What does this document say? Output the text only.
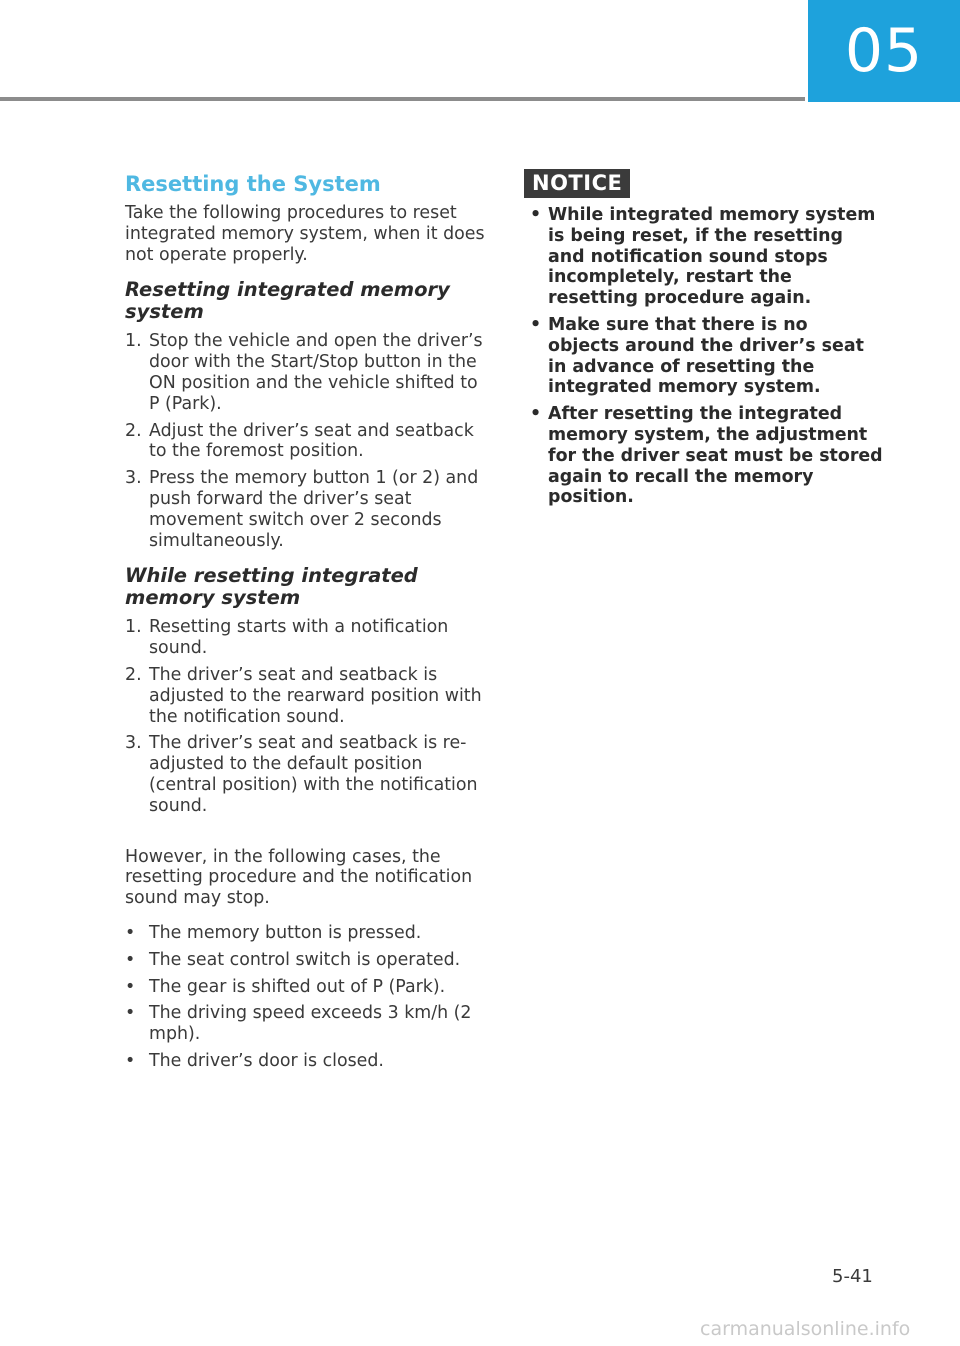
05
Resetting the System

Take the following procedures to reset integrated memory system, when it does not operate properly.

Resetting integrated memory system
1. Stop the vehicle and open the driver’s door with the Start/Stop button in the ON position and the vehicle shifted to P (Park).
2. Adjust the driver’s seat and seatback to the foremost position.
3. Press the memory button 1 (or 2) and push forward the driver’s seat movement switch over 2 seconds simultaneously.
While resetting integrated memory system
1. Resetting starts with a notification sound.
2. The driver’s seat and seatback is adjusted to the rearward position with the notification sound.
3. The driver’s seat and seatback is re-adjusted to the default position (central position) with the notification sound.

However, in the following cases, the resetting procedure and the notification sound may stop.

• The memory button is pressed.
• The seat control switch is operated.
• The gear is shifted out of P (Park).
• The driving speed exceeds 3 km/h (2 mph).
• The driver’s door is closed.
NOTICE
• While integrated memory system is being reset, if the resetting and notification sound stops incompletely, restart the resetting procedure again.
• Make sure that there is no objects around the driver’s seat in advance of resetting the integrated memory system.
• After resetting the integrated memory system, the adjustment for the driver seat must be stored again to recall the memory position.
5-41
carmanualsonline.info
